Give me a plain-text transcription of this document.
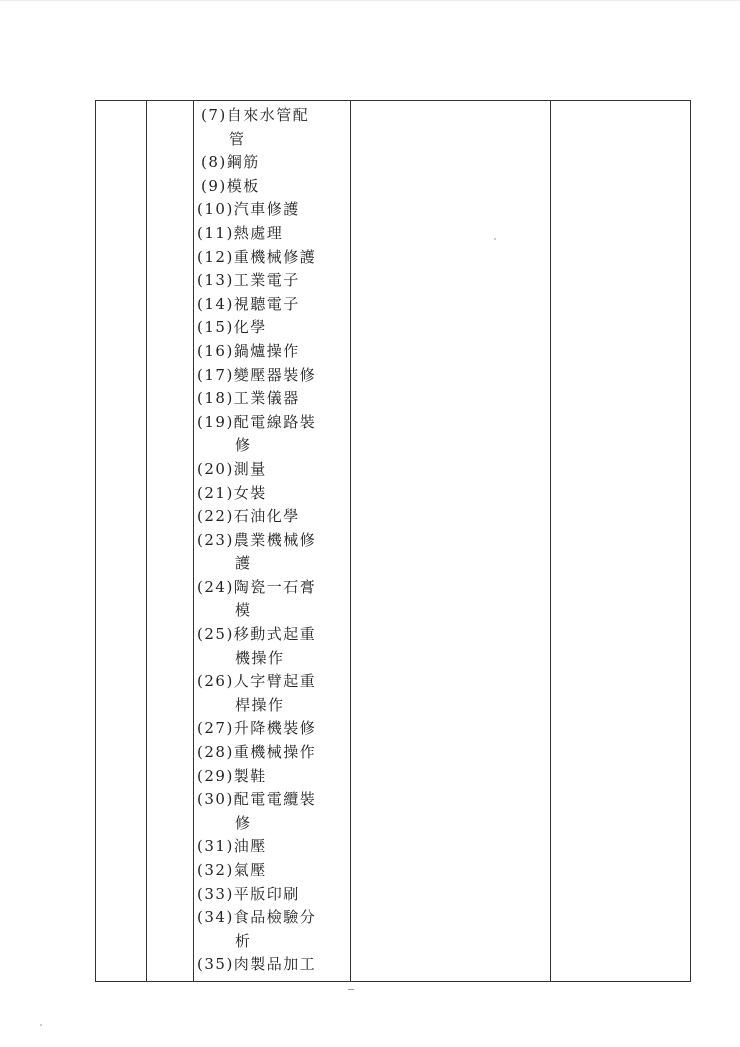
(7)自來水管配
管
(8)鋼筋
(9)模板
(10)汽車修護
(11)熱處理
(12)重機械修護
(13)工業電子
(14)視聽電子
(15)化學
(16)鍋爐操作
(17)變壓器裝修
(18)工業儀器
(19)配電線路裝
修
(20)測量
(21)女裝
(22)石油化學
(23)農業機械修
護
(24)陶瓷一石膏
模
(25)移動式起重
機操作
(26)人字臂起重
桿操作
(27)升降機裝修
(28)重機械操作
(29)製鞋
(30)配電電纜裝
修
(31)油壓
(32)氣壓
(33)平版印刷
(34)食品檢驗分
析
(35)肉製品加工
